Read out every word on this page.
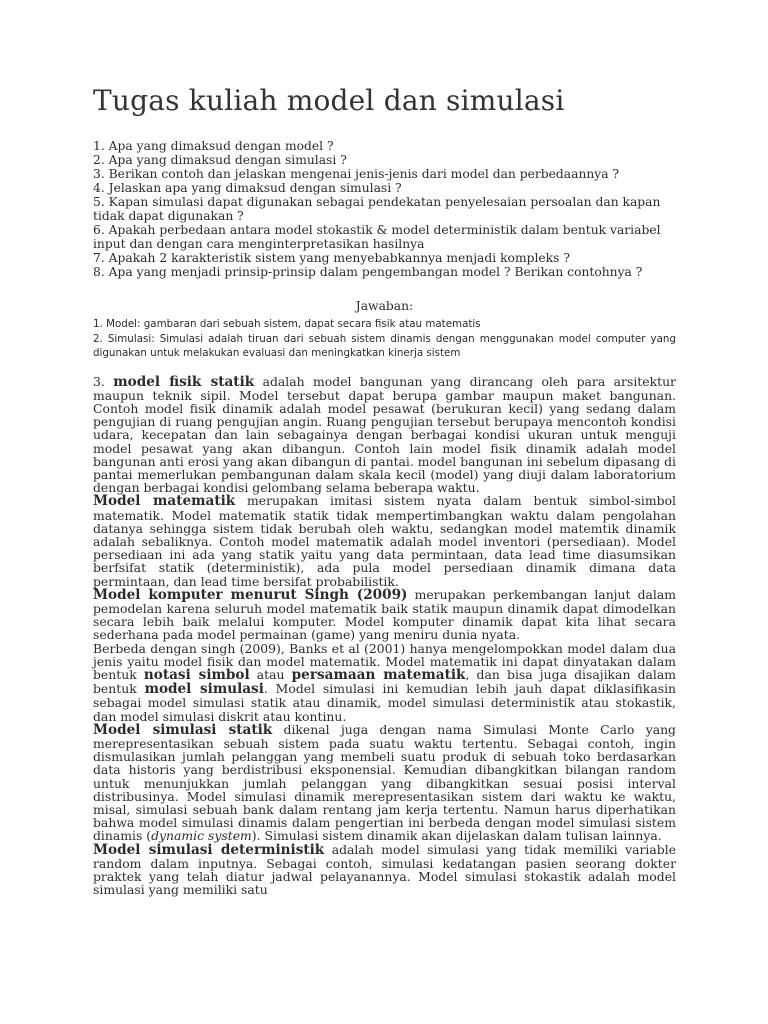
Tugas kuliah model dan simulasi
1. Apa yang dimaksud dengan model ?
2. Apa yang dimaksud dengan simulasi ?
3. Berikan contoh dan jelaskan mengenai jenis-jenis dari model dan perbedaannya ?
4. Jelaskan apa yang dimaksud dengan simulasi ?
5. Kapan simulasi dapat digunakan sebagai pendekatan penyelesaian persoalan dan kapan tidak dapat digunakan ?
6. Apakah perbedaan antara model stokastik & model deterministik dalam bentuk variabel input dan dengan cara menginterpretasikan hasilnya
7. Apakah 2 karakteristik sistem yang menyebabkannya menjadi kompleks ?
8. Apa yang menjadi prinsip-prinsip dalam pengembangan model ? Berikan contohnya ?
Jawaban:
1. Model: gambaran dari sebuah sistem, dapat secara fisik atau matematis
2. Simulasi: Simulasi adalah tiruan dari sebuah sistem dinamis dengan menggunakan model computer yang digunakan untuk melakukan evaluasi dan meningkatkan kinerja sistem

3. model fisik statik adalah model bangunan yang dirancang oleh para arsitektur maupun teknik sipil. Model tersebut dapat berupa gambar maupun maket bangunan. Contoh model fisik dinamik adalah model pesawat (berukuran kecil) yang sedang dalam pengujian di ruang pengujian angin. Ruang pengujian tersebut berupaya mencontoh kondisi udara, kecepatan dan lain sebagainya dengan berbagai kondisi ukuran untuk menguji model pesawat yang akan dibangun. Contoh lain model fisik dinamik adalah model bangunan anti erosi yang akan dibangun di pantai. model bangunan ini sebelum dipasang di pantai memerlukan pembangunan dalam skala kecil (model) yang diuji dalam laboratorium dengan berbagai kondisi gelombang selama beberapa waktu.

Model matematik merupakan imitasi sistem nyata dalam bentuk simbol-simbol matematik. Model matematik statik tidak mempertimbangkan waktu dalam pengolahan datanya sehingga sistem tidak berubah oleh waktu, sedangkan model matemtik dinamik adalah sebaliknya. Contoh model matematik adalah model inventori (persediaan). Model persediaan ini ada yang statik yaitu yang data permintaan, data lead time diasumsikan berfsifat statik (deterministik), ada pula model persediaan dinamik dimana data permintaan, dan lead time bersifat probabilistik.

Model komputer menurut Singh (2009) merupakan perkembangan lanjut dalam pemodelan karena seluruh model matematik baik statik maupun dinamik dapat dimodelkan secara lebih baik melalui komputer. Model komputer dinamik dapat kita lihat secara sederhana pada model permainan (game) yang meniru dunia nyata.

Berbeda dengan singh (2009), Banks et al (2001) hanya mengelompokkan model dalam dua jenis yaitu model fisik dan model matematik. Model matematik ini dapat dinyatakan dalam bentuk notasi simbol atau persamaan matematik, dan bisa juga disajikan dalam bentuk model simulasi. Model simulasi ini kemudian lebih jauh dapat diklasifikasin sebagai model simulasi statik atau dinamik, model simulasi deterministik atau stokastik, dan model simulasi diskrit atau kontinu.

Model simulasi statik dikenal juga dengan nama Simulasi Monte Carlo yang merepresentasikan sebuah sistem pada suatu waktu tertentu. Sebagai contoh, ingin dismulasikan jumlah pelanggan yang membeli suatu produk di sebuah toko berdasarkan data historis yang berdistribusi eksponensial. Kemudian dibangkitkan bilangan random untuk menunjukkan jumlah pelanggan yang dibangkitkan sesuai posisi interval distribusinya. Model simulasi dinamik merepresentasikan sistem dari waktu ke waktu, misal, simulasi sebuah bank dalam rentang jam kerja tertentu. Namun harus diperhatikan bahwa model simulasi dinamis dalam pengertian ini berbeda dengan model simulasi sistem dinamis (dynamic system). Simulasi sistem dinamik akan dijelaskan dalam tulisan lainnya.

Model simulasi deterministik adalah model simulasi yang tidak memiliki variable random dalam inputnya. Sebagai contoh, simulasi kedatangan pasien seorang dokter praktek yang telah diatur jadwal pelayanannya. Model simulasi stokastik adalah model simulasi yang memiliki satu
